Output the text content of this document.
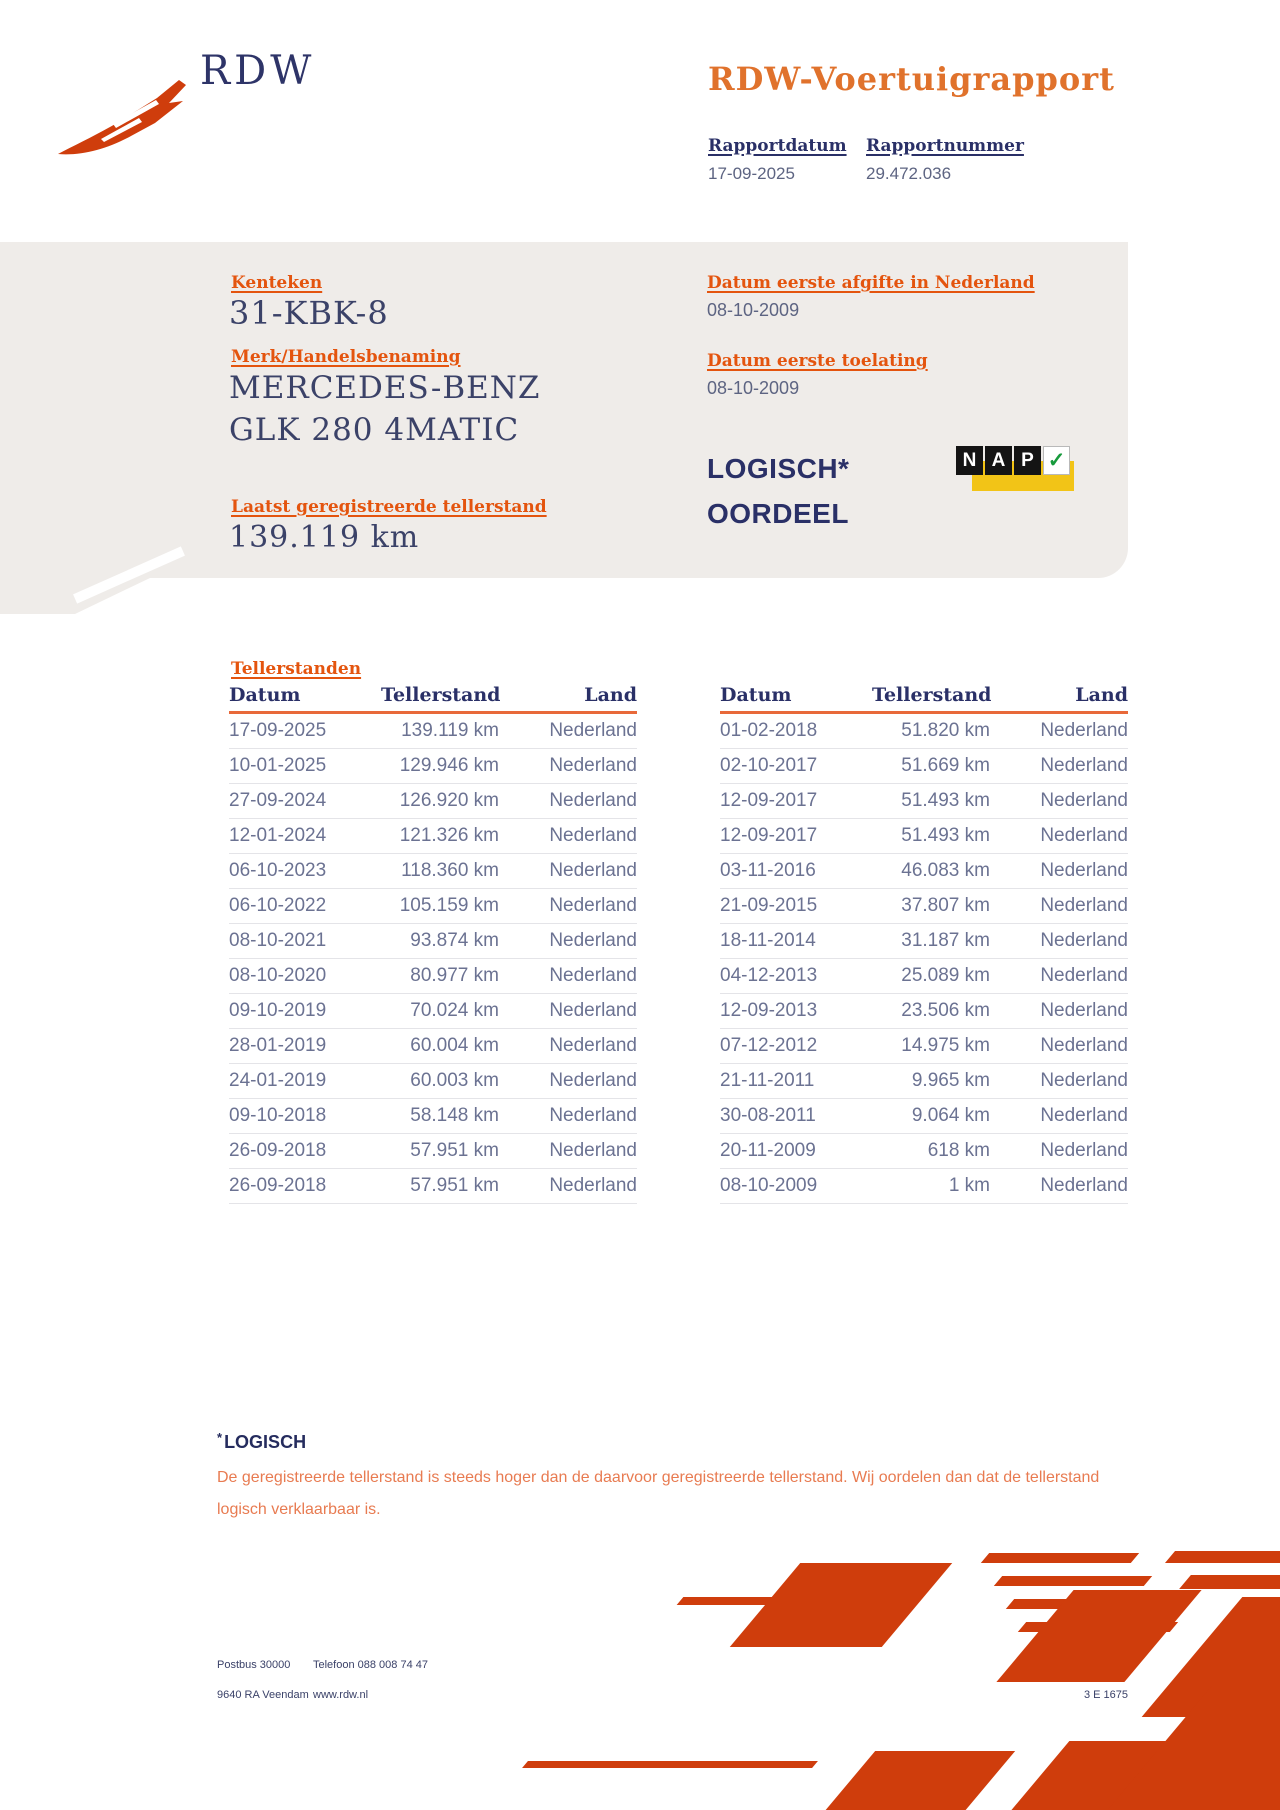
RDW	RDW-Voertuigrapport
Rapportdatum Rapportnummer
17-09-2025	29.472.036
Kenteken
31-KBK-8
Merk/Handelsbenaming
MERCEDES-BENZ
GLK 280 4MATIC
Laatst geregistreerde tellerstand
139.119 km
Datum eerste afgifte in Nederland
08-10-2009
Datum eerste toelating
08-10-2009
LOGISCH*
OORDEEL
N A P ✓
Tellerstanden
Datum	Tellerstand	Land
17-09-2025	139.119 km	Nederland
10-01-2025	129.946 km	Nederland
27-09-2024	126.920 km	Nederland
12-01-2024	121.326 km	Nederland
06-10-2023	118.360 km	Nederland
06-10-2022	105.159 km	Nederland
08-10-2021	93.874 km	Nederland
08-10-2020	80.977 km	Nederland
09-10-2019	70.024 km	Nederland
28-01-2019	60.004 km	Nederland
24-01-2019	60.003 km	Nederland
09-10-2018	58.148 km	Nederland
26-09-2018	57.951 km	Nederland
26-09-2018	57.951 km	Nederland
Datum	Tellerstand	Land
01-02-2018	51.820 km	Nederland
02-10-2017	51.669 km	Nederland
12-09-2017	51.493 km	Nederland
12-09-2017	51.493 km	Nederland
03-11-2016	46.083 km	Nederland
21-09-2015	37.807 km	Nederland
18-11-2014	31.187 km	Nederland
04-12-2013	25.089 km	Nederland
12-09-2013	23.506 km	Nederland
07-12-2012	14.975 km	Nederland
21-11-2011	9.965 km	Nederland
30-08-2011	9.064 km	Nederland
20-11-2009	618 km	Nederland
08-10-2009	1 km	Nederland
* LOGISCH
De geregistreerde tellerstand is steeds hoger dan de daarvoor geregistreerde tellerstand. Wij oordelen dan dat de tellerstand logisch verklaarbaar is.
Postbus 30000
9640 RA Veendam
Telefoon 088 008 74 47
www.rdw.nl	3 E 1675
